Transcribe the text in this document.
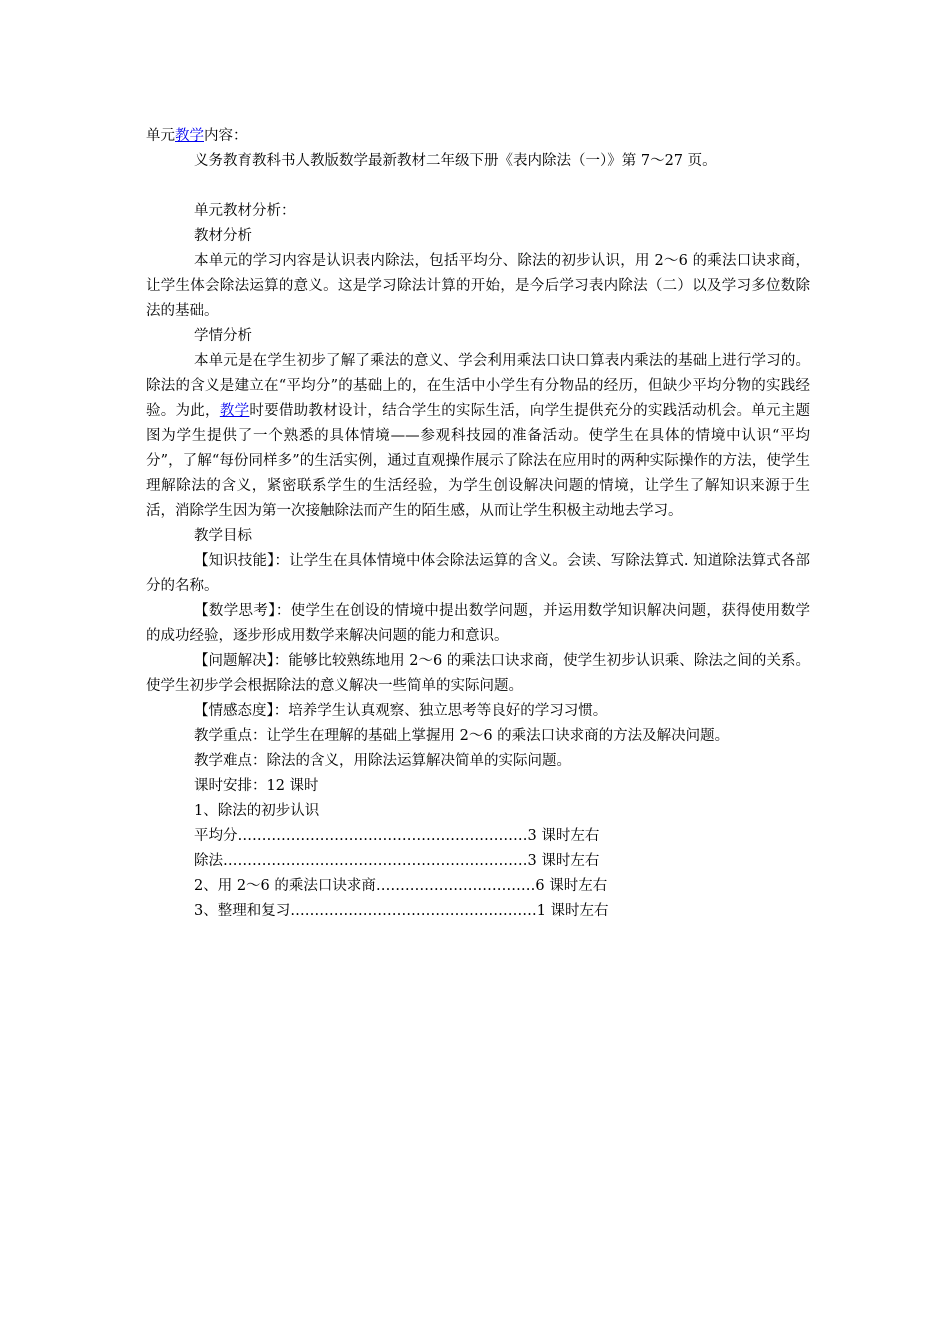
单元教学内容：
义务教育教科书人教版数学最新教材二年级下册《表内除法（一）》第 7～27 页。
单元教材分析：
教材分析

本单元的学习内容是认识表内除法，包括平均分、除法的初步认识，用 2～6 的乘法口诀求商，让学生体会除法运算的意义。这是学习除法计算的开始，是今后学习表内除法（二）以及学习多位数除法的基础。

学情分析

本单元是在学生初步了解了乘法的意义、学会利用乘法口诀口算表内乘法的基础上进行学习的。除法的含义是建立在“平均分”的基础上的，在生活中小学生有分物品的经历，但缺少平均分物的实践经验。为此，教学时要借助教材设计，结合学生的实际生活，向学生提供充分的实践活动机会。单元主题图为学生提供了一个熟悉的具体情境——参观科技园的准备活动。使学生在具体的情境中认识“平均分”，了解“每份同样多”的生活实例，通过直观操作展示了除法在应用时的两种实际操作的方法，使学生理解除法的含义，紧密联系学生的生活经验，为学生创设解决问题的情境，让学生了解知识来源于生活，消除学生因为第一次接触除法而产生的陌生感，从而让学生积极主动地去学习。

教学目标

【知识技能】：让学生在具体情境中体会除法运算的含义。会读、写除法算式. 知道除法算式各部分的名称。

【数学思考】：使学生在创设的情境中提出数学问题，并运用数学知识解决问题，获得使用数学的成功经验，逐步形成用数学来解决问题的能力和意识。

【问题解决】：能够比较熟练地用 2～6 的乘法口诀求商，使学生初步认识乘、除法之间的关系。使学生初步学会根据除法的意义解决一些简单的实际问题。

【情感态度】：培养学生认真观察、独立思考等良好的学习习惯。

教学重点：让学生在理解的基础上掌握用 2～6 的乘法口诀求商的方法及解决问题。
教学难点：除法的含义，用除法运算解决简单的实际问题。
课时安排：12 课时
1、除法的初步认识
平均分……………………………………………………3 课时左右
除法………………………………………………………3 课时左右
2、用 2～6 的乘法口诀求商……………………………6 课时左右
3、整理和复习……………………………………………1 课时左右
